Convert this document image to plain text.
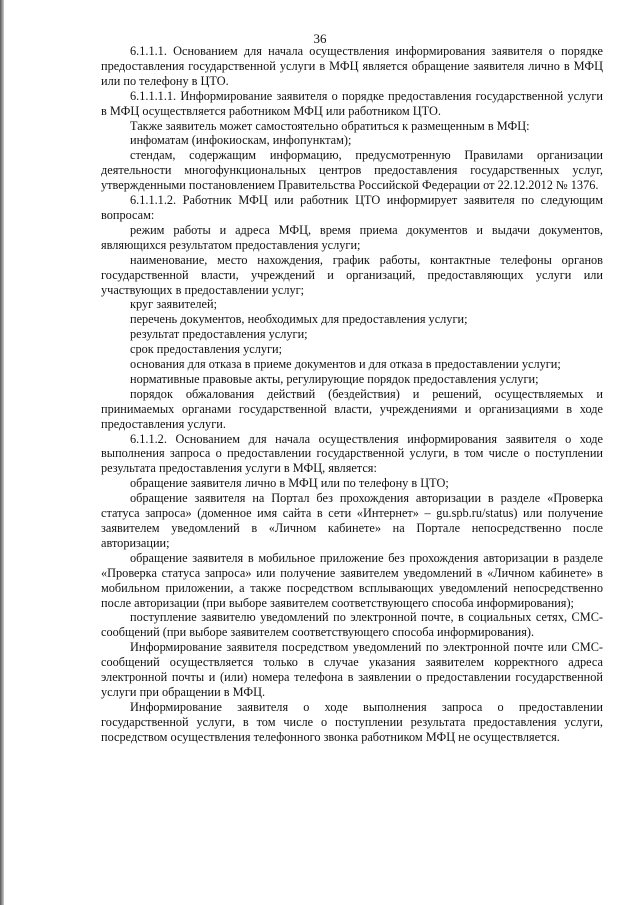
36

6.1.1.1. Основанием для начала осуществления информирования заявителя о порядке предоставления государственной услуги в МФЦ является обращение заявителя лично в МФЦ или по телефону в ЦТО.

6.1.1.1.1. Информирование заявителя о порядке предоставления государственной услуги в МФЦ осуществляется работником МФЦ или работником ЦТО.

Также заявитель может самостоятельно обратиться к размещенным в МФЦ:

инфоматам (инфокиоскам, инфопунктам);

стендам, содержащим информацию, предусмотренную Правилами организации деятельности многофункциональных центров предоставления государственных услуг, утвержденными постановлением Правительства Российской Федерации от 22.12.2012 № 1376.

6.1.1.1.2. Работник МФЦ или работник ЦТО информирует заявителя по следующим вопросам:

режим работы и адреса МФЦ, время приема документов и выдачи документов, являющихся результатом предоставления услуги;

наименование, место нахождения, график работы, контактные телефоны органов государственной власти, учреждений и организаций, предоставляющих услуги или участвующих в предоставлении услуг;

круг заявителей;

перечень документов, необходимых для предоставления услуги;

результат предоставления услуги;

срок предоставления услуги;

основания для отказа в приеме документов и для отказа в предоставлении услуги;

нормативные правовые акты, регулирующие порядок предоставления услуги;

порядок обжалования действий (бездействия) и решений, осуществляемых и принимаемых органами государственной власти, учреждениями и организациями в ходе предоставления услуги.

6.1.1.2. Основанием для начала осуществления информирования заявителя о ходе выполнения запроса о предоставлении государственной услуги, в том числе о поступлении результата предоставления услуги в МФЦ, является:

обращение заявителя лично в МФЦ или по телефону в ЦТО;

обращение заявителя на Портал без прохождения авторизации в разделе «Проверка статуса запроса» (доменное имя сайта в сети «Интернет» – gu.spb.ru/status) или получение заявителем уведомлений в «Личном кабинете» на Портале непосредственно после авторизации;

обращение заявителя в мобильное приложение без прохождения авторизации в разделе «Проверка статуса запроса» или получение заявителем уведомлений в «Личном кабинете» в мобильном приложении, а также посредством всплывающих уведомлений непосредственно после авторизации (при выборе заявителем соответствующего способа информирования);

поступление заявителю уведомлений по электронной почте, в социальных сетях, СМС-сообщений (при выборе заявителем соответствующего способа информирования).

Информирование заявителя посредством уведомлений по электронной почте или СМС-сообщений осуществляется только в случае указания заявителем корректного адреса электронной почты и (или) номера телефона в заявлении о предоставлении государственной услуги при обращении в МФЦ.

Информирование заявителя о ходе выполнения запроса о предоставлении государственной услуги, в том числе о поступлении результата предоставления услуги, посредством осуществления телефонного звонка работником МФЦ не осуществляется.
